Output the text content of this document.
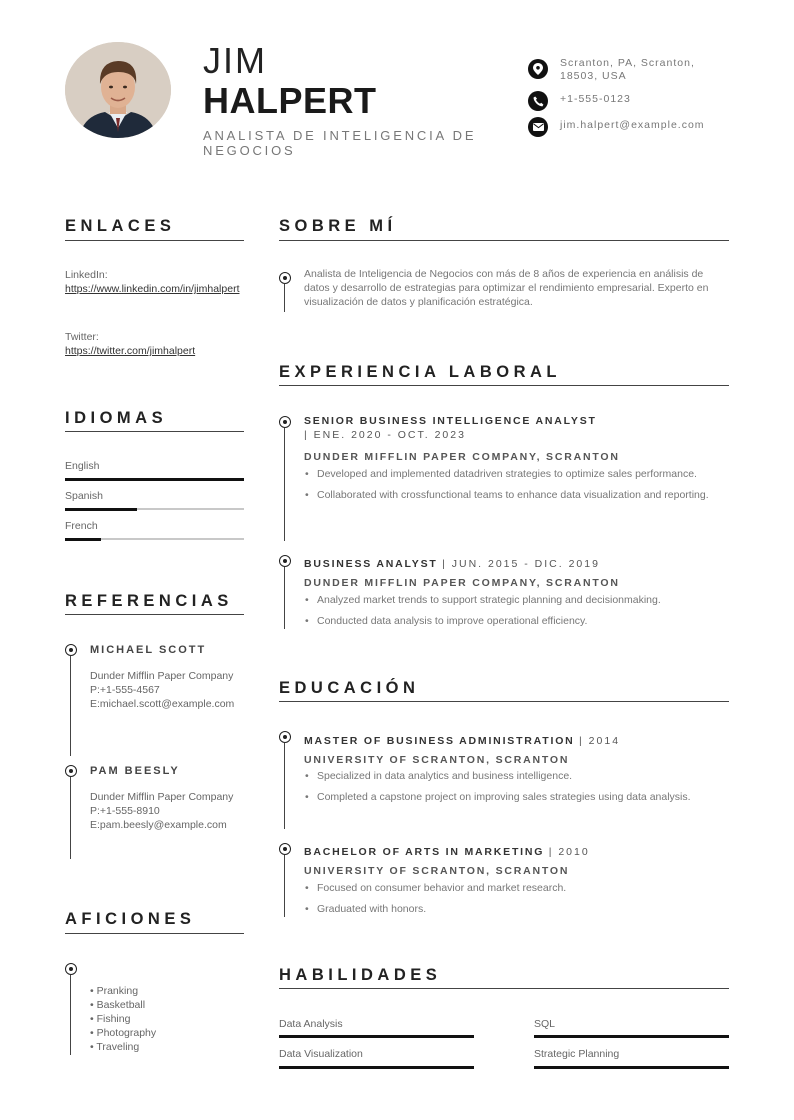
JIM
HALPERT
ANALISTA DE INTELIGENCIA DE NEGOCIOS
Scranton, PA, Scranton, 18503, USA
+1-555-0123
jim.halpert@example.com
ENLACES
LinkedIn:
https://www.linkedin.com/in/jimhalpert
Twitter:
https://twitter.com/jimhalpert
IDIOMAS
English
Spanish
French
REFERENCIAS
MICHAEL SCOTT
Dunder Mifflin Paper Company
P:+1-555-4567
E:michael.scott@example.com
PAM BEESLY
Dunder Mifflin Paper Company
P:+1-555-8910
E:pam.beesly@example.com
AFICIONES
• Pranking
• Basketball
• Fishing
• Photography
• Traveling
SOBRE MÍ
Analista de Inteligencia de Negocios con más de 8 años de experiencia en análisis de datos y desarrollo de estrategias para optimizar el rendimiento empresarial. Experto en visualización de datos y planificación estratégica.
EXPERIENCIA LABORAL
SENIOR BUSINESS INTELLIGENCE ANALYST
| ENE. 2020 - OCT. 2023
DUNDER MIFFLIN PAPER COMPANY, SCRANTON
• Developed and implemented datadriven strategies to optimize sales performance.
• Collaborated with crossfunctional teams to enhance data visualization and reporting.
BUSINESS ANALYST | JUN. 2015 - DIC. 2019
DUNDER MIFFLIN PAPER COMPANY, SCRANTON
• Analyzed market trends to support strategic planning and decisionmaking.
• Conducted data analysis to improve operational efficiency.
EDUCACIÓN
MASTER OF BUSINESS ADMINISTRATION | 2014
UNIVERSITY OF SCRANTON, SCRANTON
• Specialized in data analytics and business intelligence.
• Completed a capstone project on improving sales strategies using data analysis.
BACHELOR OF ARTS IN MARKETING | 2010
UNIVERSITY OF SCRANTON, SCRANTON
• Focused on consumer behavior and market research.
• Graduated with honors.
HABILIDADES
Data Analysis	SQL
Data Visualization	Strategic Planning
